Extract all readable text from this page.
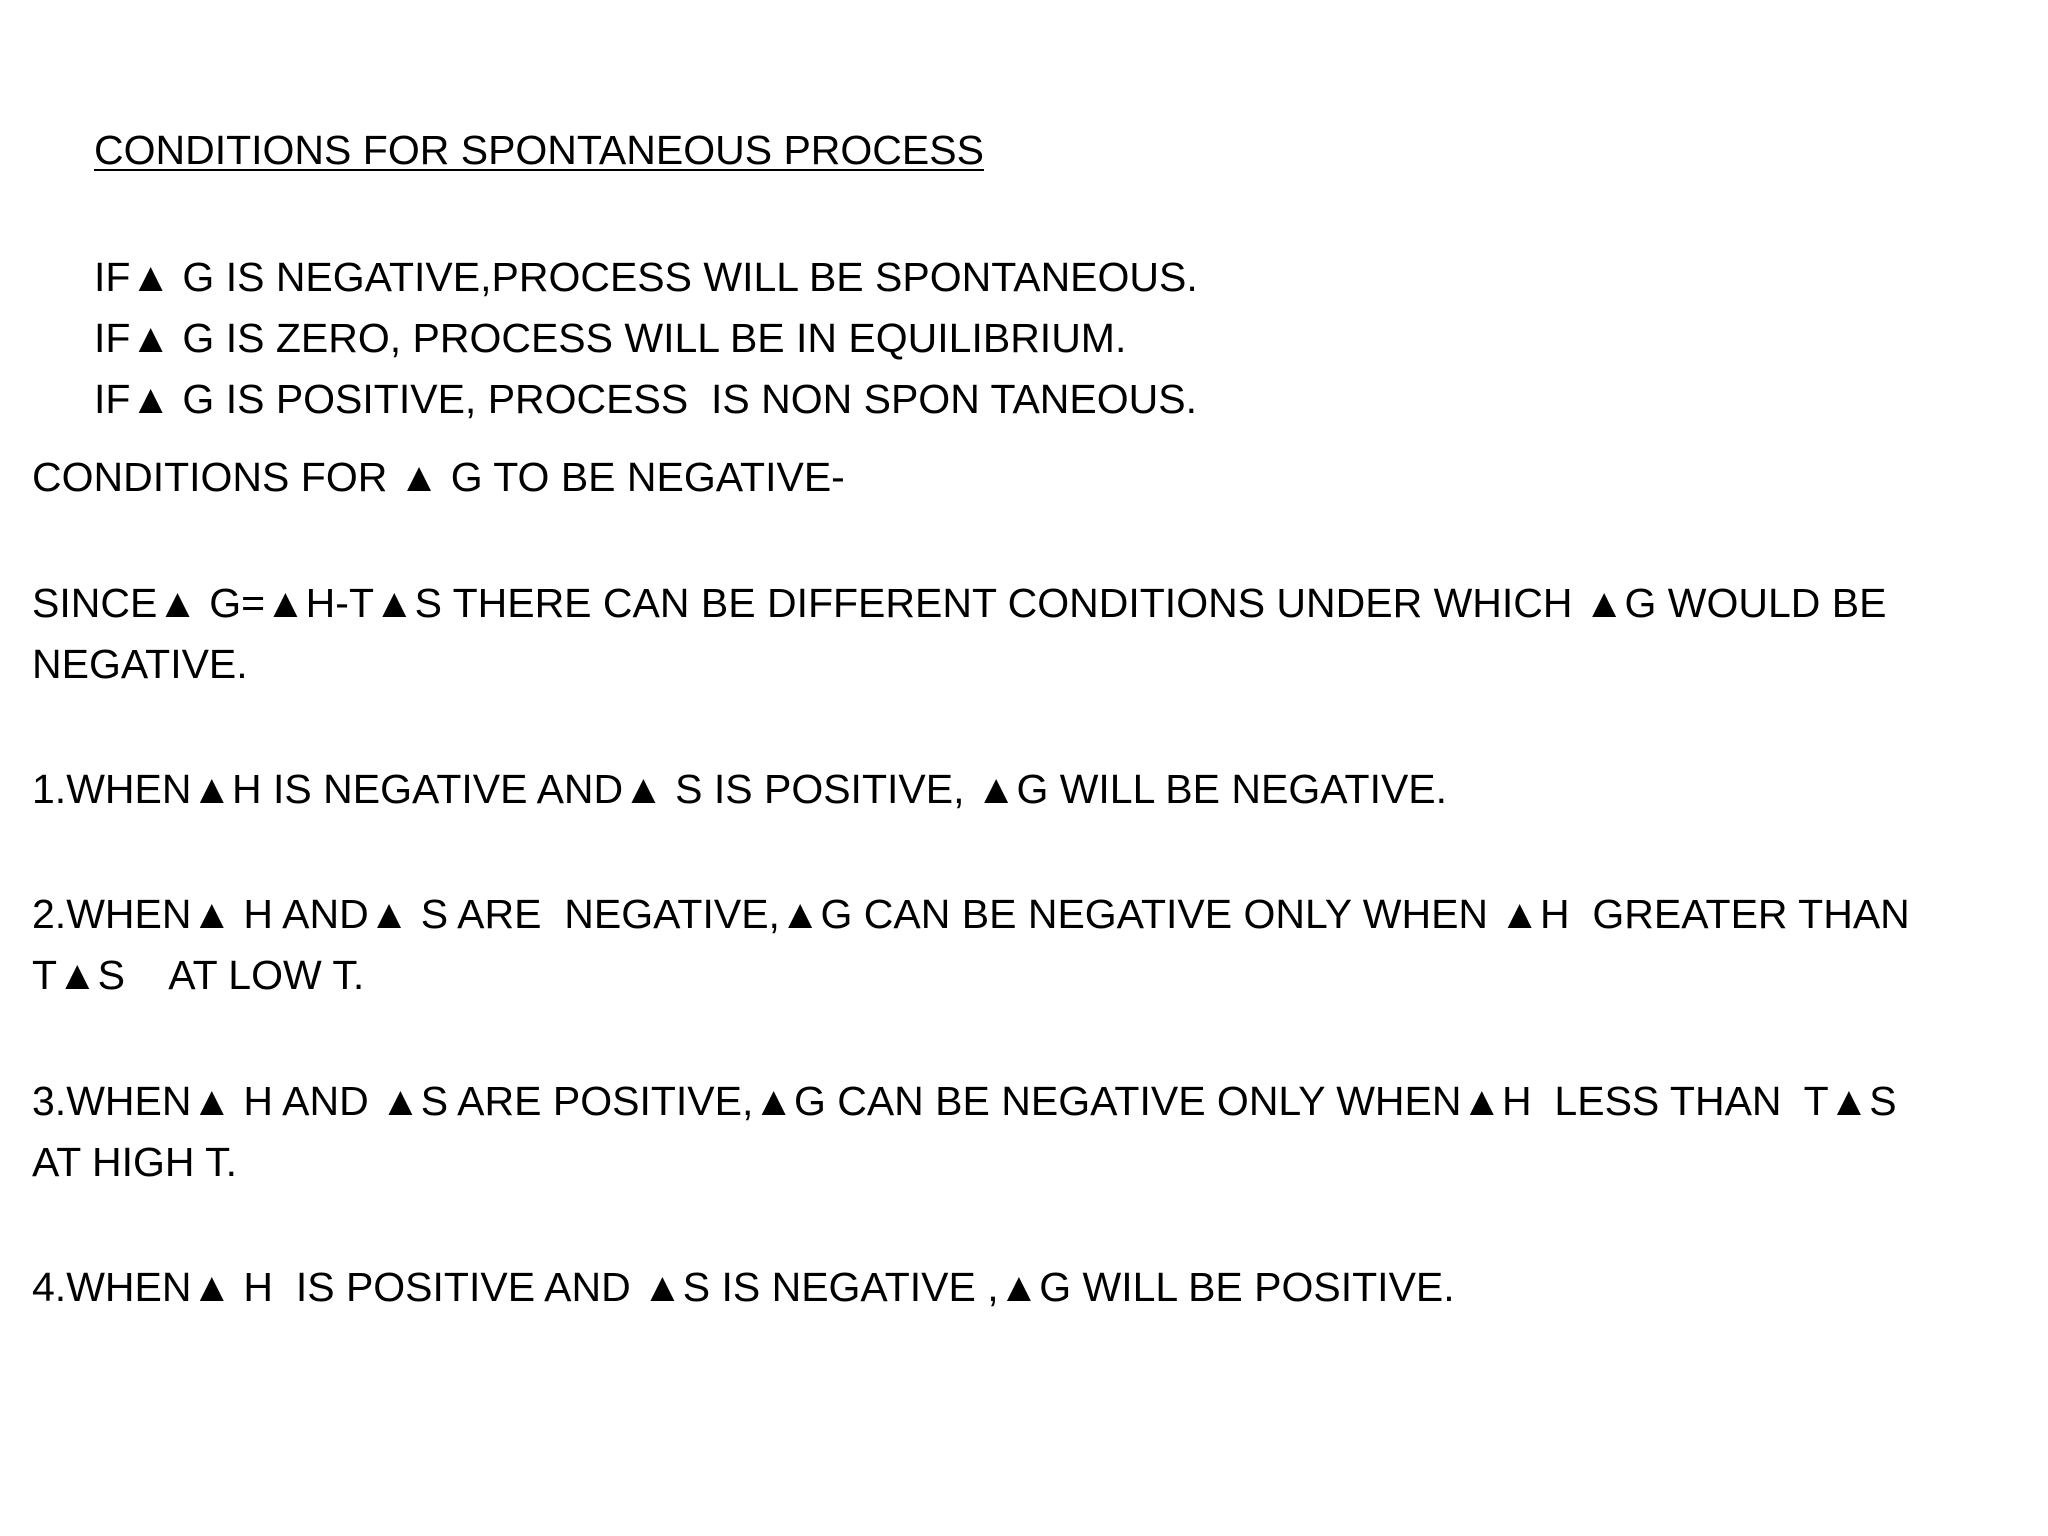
CONDITIONS FOR SPONTANEOUS PROCESS
IF▲ G IS NEGATIVE,PROCESS WILL BE SPONTANEOUS.
IF▲ G IS ZERO, PROCESS WILL BE IN EQUILIBRIUM.
IF▲ G IS POSITIVE, PROCESS  IS NON SPON TANEOUS.
CONDITIONS FOR ▲ G TO BE NEGATIVE-
SINCE▲ G=▲H-T▲S THERE CAN BE DIFFERENT CONDITIONS UNDER WHICH ▲G WOULD BE
NEGATIVE.
1.WHEN▲H IS NEGATIVE AND▲ S IS POSITIVE, ▲G WILL BE NEGATIVE.
2.WHEN▲ H AND▲ S ARE  NEGATIVE,▲G CAN BE NEGATIVE ONLY WHEN ▲H  GREATER THAN
T▲S    AT LOW T.
3.WHEN▲ H AND ▲S ARE POSITIVE,▲G CAN BE NEGATIVE ONLY WHEN▲H  LESS THAN  T▲S
AT HIGH T.
4.WHEN▲ H  IS POSITIVE AND ▲S IS NEGATIVE ,▲G WILL BE POSITIVE.
